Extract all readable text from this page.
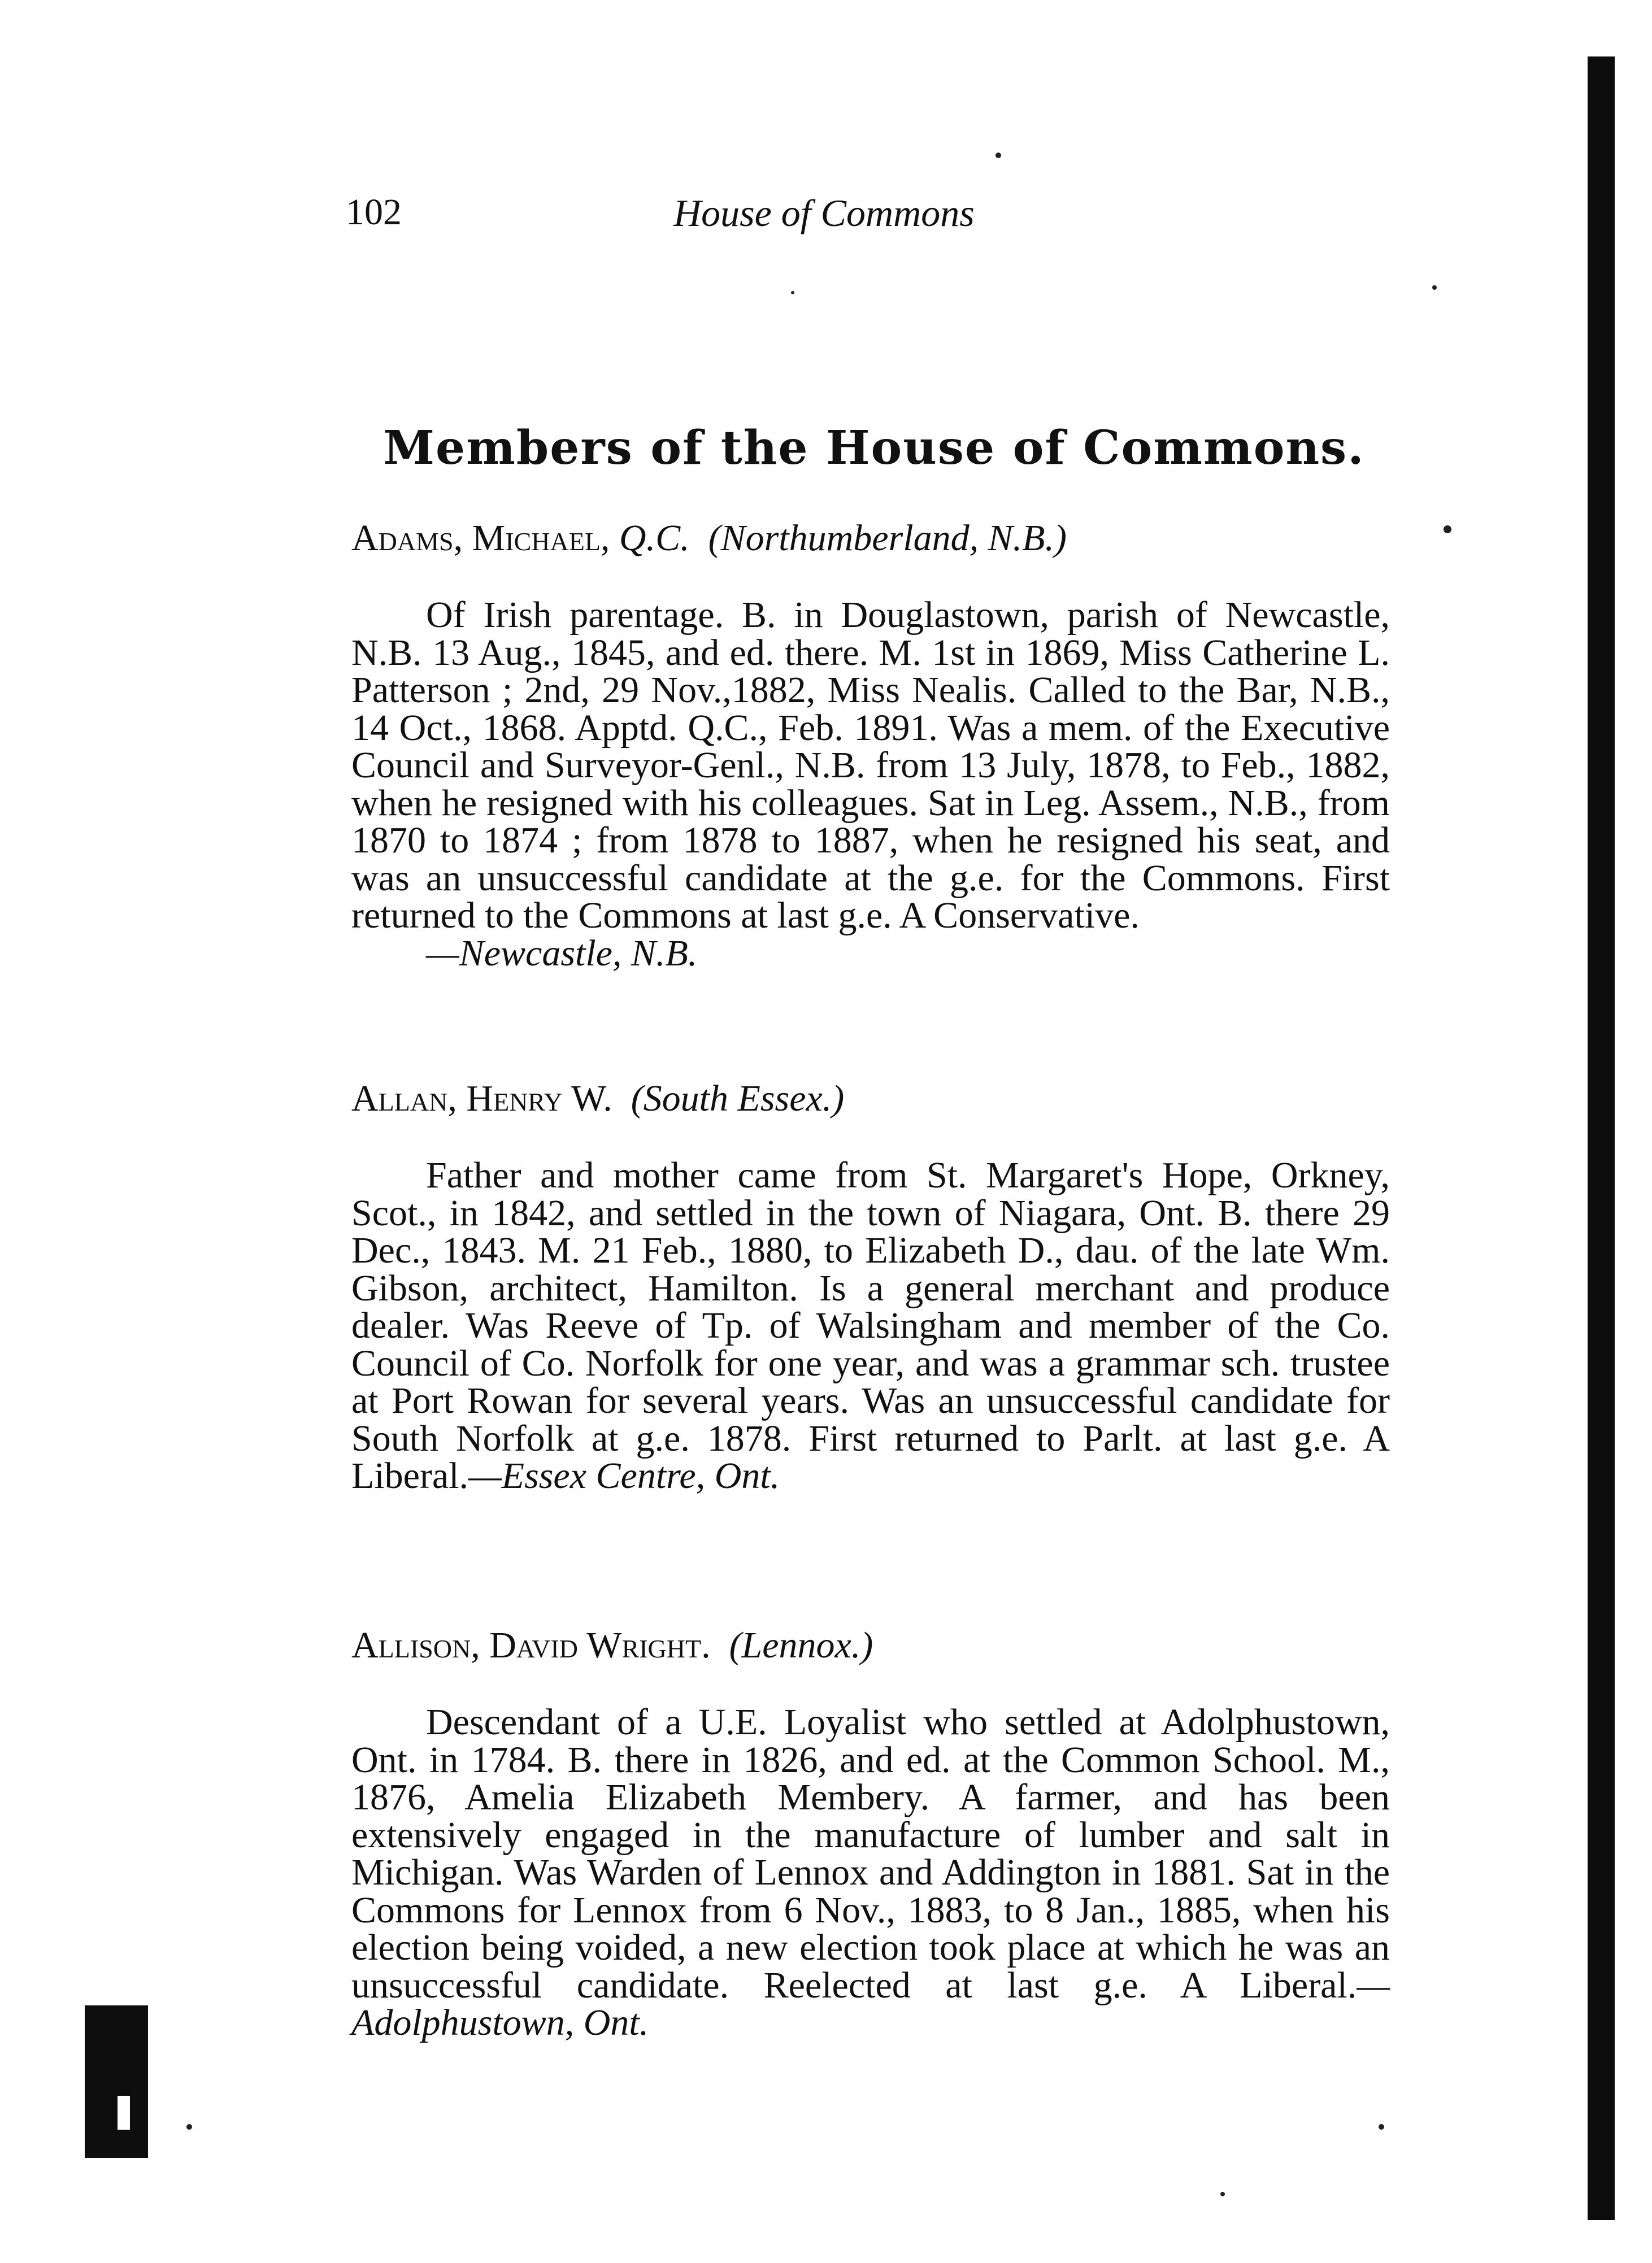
102	House of Commons
Members of the House of Commons.
Adams, Michael, Q.C. (Northumberland, N.B.)

Of Irish parentage. B. in Douglastown, parish of Newcastle, N.B. 13 Aug., 1845, and ed. there. M. 1st in 1869, Miss Catherine L. Patterson ; 2nd, 29 Nov.,1882, Miss Nealis. Called to the Bar, N.B., 14 Oct., 1868. Apptd. Q.C., Feb. 1891. Was a mem. of the Executive Council and Surveyor-Genl., N.B. from 13 July, 1878, to Feb., 1882, when he resigned with his colleagues. Sat in Leg. Assem., N.B., from 1870 to 1874 ; from 1878 to 1887, when he resigned his seat, and was an unsuccessful candidate at the g.e. for the Commons. First returned to the Commons at last g.e. A Conservative.
—Newcastle, N.B.

Allan, Henry W. (South Essex.)

Father and mother came from St. Margaret's Hope, Orkney, Scot., in 1842, and settled in the town of Niagara, Ont. B. there 29 Dec., 1843. M. 21 Feb., 1880, to Elizabeth D., dau. of the late Wm. Gibson, architect, Hamilton. Is a general merchant and produce dealer. Was Reeve of Tp. of Walsingham and member of the Co. Council of Co. Norfolk for one year, and was a grammar sch. trustee at Port Rowan for several years. Was an unsuccessful candidate for South Norfolk at g.e. 1878. First returned to Parlt. at last g.e. A Liberal.—Essex Centre, Ont.

Allison, David Wright.  (Lennox.)

Descendant of a U.E. Loyalist who settled at Adolphustown, Ont. in 1784. B. there in 1826, and ed. at the Common School. M., 1876, Amelia Elizabeth Membery. A farmer, and has been extensively engaged in the manufacture of lumber and salt in Michigan. Was Warden of Lennox and Addington in 1881. Sat in the Commons for Lennox from 6 Nov., 1883, to 8 Jan., 1885, when his election being voided, a new election took place at which he was an unsuccessful candidate. Reelected at last g.e. A Liberal.—Adolphustown, Ont.
